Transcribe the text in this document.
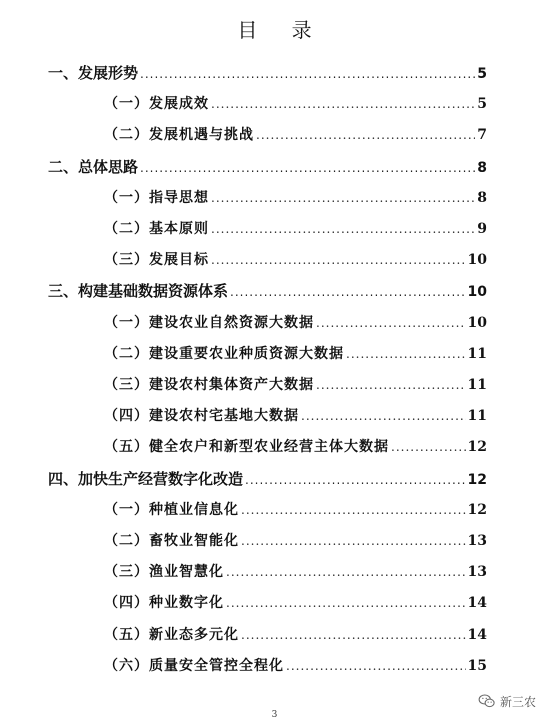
目 录
一、发展形势 .....	5
（一）发展成效 .....	5
（二）发展机遇与挑战 .....	7
二、总体思路 .....	8
（一）指导思想 .....	8
（二）基本原则 .....	9
（三）发展目标 .....	10
三、构建基础数据资源体系 .....	10
（一）建设农业自然资源大数据 .....	10
（二）建设重要农业种质资源大数据 .....	11
（三）建设农村集体资产大数据 .....	11
（四）建设农村宅基地大数据 .....	11
（五）健全农户和新型农业经营主体大数据 .....	12
四、加快生产经营数字化改造 .....	12
（一）种植业信息化 .....	12
（二）畜牧业智能化 .....	13
（三）渔业智慧化 .....	13
（四）种业数字化 .....	14
（五）新业态多元化 .....	14
（六）质量安全管控全程化 .....	15
3
新三农
